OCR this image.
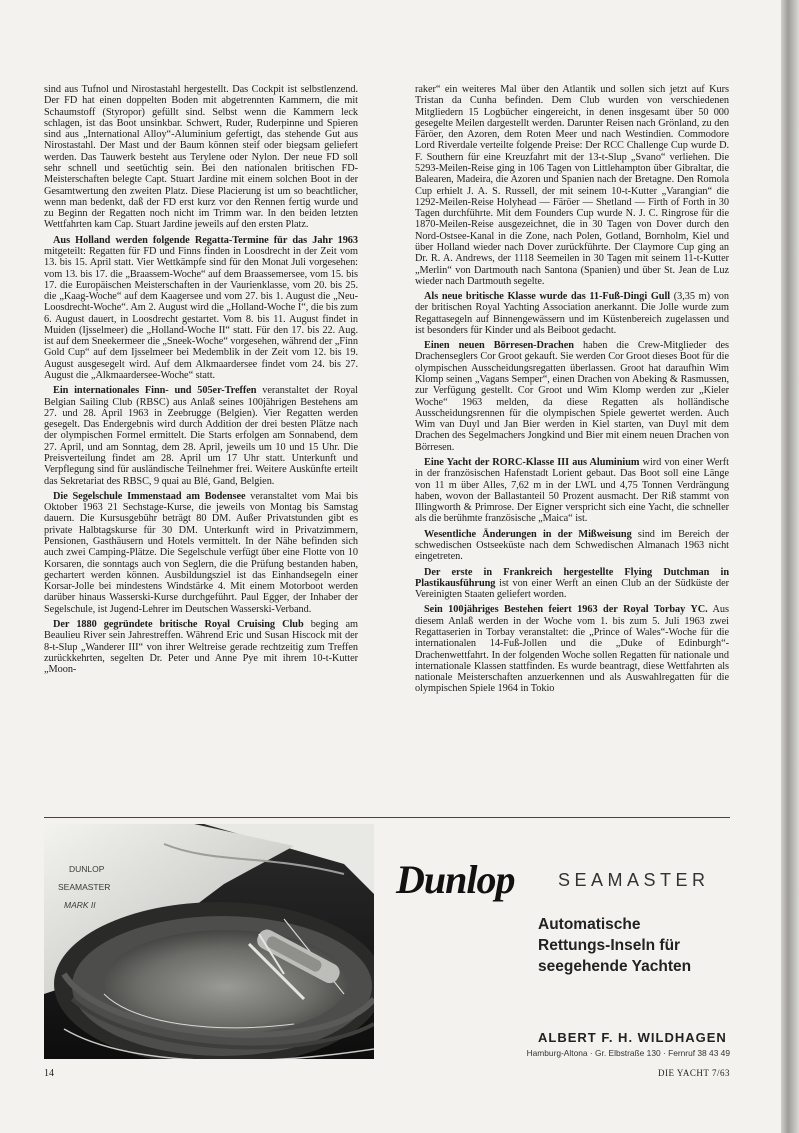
sind aus Tufnol und Nirostastahl hergestellt. Das Cockpit ist selbstlenzend. Der FD hat einen doppelten Boden mit abgetrennten Kammern, die mit Schaumstoff (Styropor) gefüllt sind. Selbst wenn die Kammern leck schlagen, ist das Boot unsinkbar. Schwert, Ruder, Ruderpinne und Spieren sind aus „International Alloy“-Aluminium gefertigt, das stehende Gut aus Nirostastahl. Der Mast und der Baum können steif oder biegsam geliefert werden. Das Tauwerk besteht aus Terylene oder Nylon. Der neue FD soll sehr schnell und seetüchtig sein. Bei den nationalen britischen FD-Meisterschaften belegte Capt. Stuart Jardine mit einem solchen Boot in der Gesamtwertung den zweiten Platz. Diese Placierung ist um so beachtlicher, wenn man bedenkt, daß der FD erst kurz vor den Rennen fertig wurde und zu Beginn der Regatten noch nicht im Trimm war. In den beiden letzten Wettfahrten kam Cap. Stuart Jardine jeweils auf den ersten Platz.

Aus Holland werden folgende Regatta-Termine für das Jahr 1963 mitgeteilt: Regatten für FD und Finns finden in Loosdrecht in der Zeit vom 13. bis 15. April statt. Vier Wettkämpfe sind für den Monat Juli vorgesehen: vom 13. bis 17. die „Braassem-Woche“ auf dem Braassemersee, vom 15. bis 17. die Europäischen Meisterschaften in der Vaurienklasse, vom 20. bis 25. die „Kaag-Woche“ auf dem Kaagersee und vom 27. bis 1. August die „Neu-Loosdrecht-Woche“. Am 2. August wird die „Holland-Woche I“, die bis zum 6. August dauert, in Loosdrecht gestartet. Vom 8. bis 11. August findet in Muiden (Ijsselmeer) die „Holland-Woche II“ statt. Für den 17. bis 22. Aug. ist auf dem Sneekermeer die „Sneek-Woche“ vorgesehen, während der „Finn Gold Cup“ auf dem Ijsselmeer bei Medemblik in der Zeit vom 12. bis 19. August ausgesegelt wird. Auf dem Alkmaardersee findet vom 24. bis 27. August die „Alkmaardersee-Woche“ statt.

Ein internationales Finn- und 505er-Treffen veranstaltet der Royal Belgian Sailing Club (RBSC) aus Anlaß seines 100jährigen Bestehens am 27. und 28. April 1963 in Zeebrugge (Belgien). Vier Regatten werden gesegelt. Das Endergebnis wird durch Addition der drei besten Plätze nach der olympischen Formel ermittelt. Die Starts erfolgen am Sonnabend, dem 27. April, und am Sonntag, dem 28. April, jeweils um 10 und 15 Uhr. Die Preisverteilung findet am 28. April um 17 Uhr statt. Unterkunft und Verpflegung sind für ausländische Teilnehmer frei. Weitere Auskünfte erteilt das Sekretariat des RBSC, 9 quai au Blé, Gand, Belgien.

Die Segelschule Immenstaad am Bodensee veranstaltet vom Mai bis Oktober 1963 21 Sechstage-Kurse, die jeweils von Montag bis Samstag dauern. Die Kursusgebühr beträgt 80 DM. Außer Privatstunden gibt es private Halbtagskurse für 30 DM. Unterkunft wird in Privatzimmern, Pensionen, Gasthäusern und Hotels vermittelt. In der Nähe befinden sich auch zwei Camping-Plätze. Die Segelschule verfügt über eine Flotte von 10 Korsaren, die sonntags auch von Seglern, die die Prüfung bestanden haben, gechartert werden können. Ausbildungsziel ist das Einhandsegeln einer Korsar-Jolle bei mindestens Windstärke 4. Mit einem Motorboot werden darüber hinaus Wasserski-Kurse durchgeführt. Paul Egger, der Inhaber der Segelschule, ist Jugend-Lehrer im Deutschen Wasserski-Verband.

Der 1880 gegründete britische Royal Cruising Club beging am Beaulieu River sein Jahrestreffen. Während Eric und Susan Hiscock mit der 8-t-Slup „Wanderer III“ von ihrer Weltreise gerade rechtzeitig zum Treffen zurückkehrten, segelten Dr. Peter und Anne Pye mit ihrem 10-t-Kutter „Moon-

raker“ ein weiteres Mal über den Atlantik und sollen sich jetzt auf Kurs Tristan da Cunha befinden. Dem Club wurden von verschiedenen Mitgliedern 15 Logbücher eingereicht, in denen insgesamt über 50 000 gesegelte Meilen dargestellt werden. Darunter Reisen nach Grönland, zu den Färöer, den Azoren, dem Roten Meer und nach Westindien. Commodore Lord Riverdale verteilte folgende Preise: Der RCC Challenge Cup wurde D. F. Southern für eine Kreuzfahrt mit der 13-t-Slup „Svano“ verliehen. Die 5293-Meilen-Reise ging in 106 Tagen von Littlehampton über Gibraltar, die Balearen, Madeira, die Azoren und Spanien nach der Bretagne. Den Romola Cup erhielt J. A. S. Russell, der mit seinem 10-t-Kutter „Varangian“ die 1292-Meilen-Reise Holyhead — Färöer — Shetland — Firth of Forth in 30 Tagen durchführte. Mit dem Founders Cup wurde N. J. C. Ringrose für die 1870-Meilen-Reise ausgezeichnet, die in 30 Tagen von Dover durch den Nord-Ostsee-Kanal in die Zone, nach Polen, Gotland, Bornholm, Kiel und über Holland wieder nach Dover zurückführte. Der Claymore Cup ging an Dr. R. A. Andrews, der 1118 Seemeilen in 30 Tagen mit seinem 11-t-Kutter „Merlin“ von Dartmouth nach Santona (Spanien) und über St. Jean de Luz wieder nach Dartmouth segelte.

Als neue britische Klasse wurde das 11-Fuß-Dingi Gull (3,35 m) von der britischen Royal Yachting Association anerkannt. Die Jolle wurde zum Regattasegeln auf Binnengewässern und im Küstenbereich zugelassen und ist besonders für Kinder und als Beiboot gedacht.

Einen neuen Börresen-Drachen haben die Crew-Mitglieder des Drachenseglers Cor Groot gekauft. Sie werden Cor Groot dieses Boot für die olympischen Ausscheidungsregatten überlassen. Groot hat daraufhin Wim Klomp seinen „Vagans Semper“, einen Drachen von Abeking & Rasmussen, zur Verfügung gestellt. Cor Groot und Wim Klomp werden zur „Kieler Woche“ 1963 melden, da diese Regatten als holländische Ausscheidungsrennen für die olympischen Spiele gewertet werden. Auch Wim van Duyl und Jan Bier werden in Kiel starten, van Duyl mit dem Drachen des Segelmachers Jongkind und Bier mit einem neuen Drachen von Börresen.

Eine Yacht der RORC-Klasse III aus Aluminium wird von einer Werft in der französischen Hafenstadt Lorient gebaut. Das Boot soll eine Länge von 11 m über Alles, 7,62 m in der LWL und 4,75 Tonnen Verdrängung haben, wovon der Ballastanteil 50 Prozent ausmacht. Der Riß stammt von Illingworth & Primrose. Der Eigner verspricht sich eine Yacht, die schneller als die berühmte französische „Maica“ ist.

Wesentliche Änderungen in der Mißweisung sind im Bereich der schwedischen Ostseeküste nach dem Schwedischen Almanach 1963 nicht eingetreten.

Der erste in Frankreich hergestellte Flying Dutchman in Plastikausführung ist von einer Werft an einen Club an der Südküste der Vereinigten Staaten geliefert worden.

Sein 100jähriges Bestehen feiert 1963 der Royal Torbay YC. Aus diesem Anlaß werden in der Woche vom 1. bis zum 5. Juli 1963 zwei Regattaserien in Torbay veranstaltet: die „Prince of Wales“-Woche für die internationalen 14-Fuß-Jollen und die „Duke of Edinburgh“-Drachenwettfahrt. In der folgenden Woche sollen Regatten für nationale und internationale Klassen stattfinden. Es wurde beantragt, diese Wettfahrten als nationale Meisterschaften anzuerkennen und als Auswahlregatten für die olympischen Spiele 1964 in Tokio

DUNLOP
SEAMASTER
MARK II
Dunlop SEAMASTER
Automatische
Rettungs-Inseln für
seegehende Yachten
ALBERT F. H. WILDHAGEN
Hamburg-Altona · Gr. Elbstraße 130 · Fernruf 38 43 49
14	DIE YACHT 7/63
